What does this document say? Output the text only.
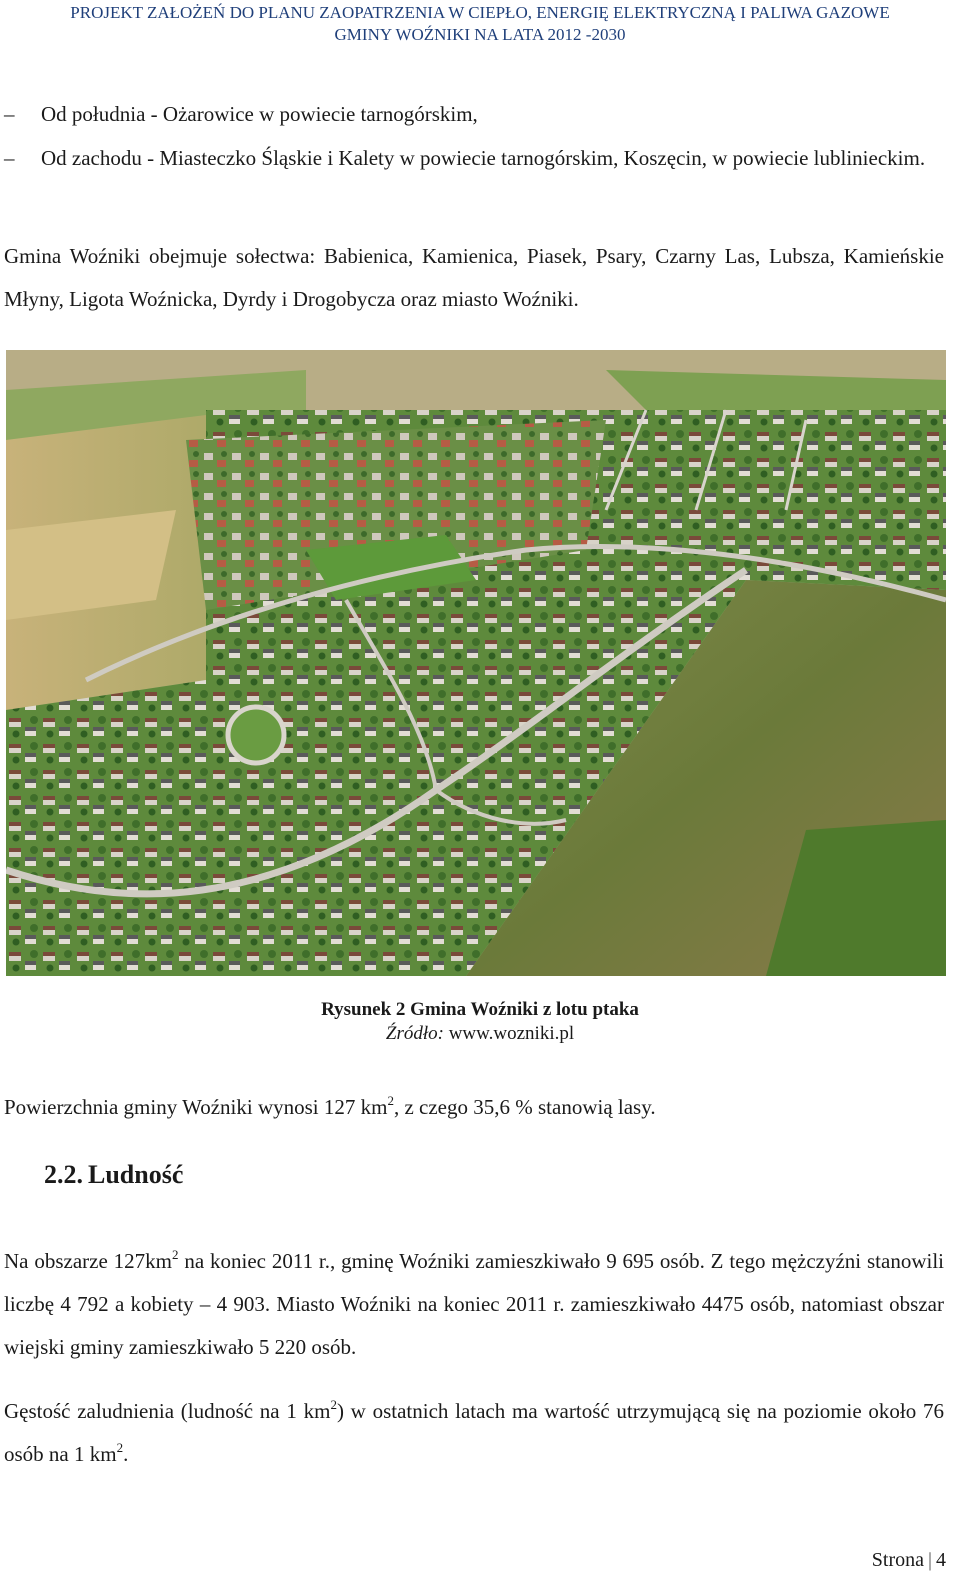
PROJEKT ZAŁOŻEŃ DO PLANU ZAOPATRZENIA W CIEPŁO, ENERGIĘ ELEKTRYCZNĄ I PALIWA GAZOWE
GMINY WOŹNIKI NA LATA 2012 -2030
– Od południa - Ożarowice w powiecie tarnogórskim,
– Od zachodu - Miasteczko Śląskie i Kalety w powiecie tarnogórskim, Koszęcin, w powiecie lublinieckim.
Gmina Woźniki obejmuje sołectwa: Babienica, Kamienica, Piasek, Psary, Czarny Las, Lubsza, Kamieńskie Młyny, Ligota Woźnicka, Dyrdy i Drogobycza oraz miasto Woźniki.
Rysunek 2 Gmina Woźniki z lotu ptaka
Źródło: www.wozniki.pl
Powierzchnia gminy Woźniki wynosi 127 $km^2$, z czego 35,6 % stanowią lasy.
2.2. Ludność
Na obszarze $127km^2$ na koniec 2011 r., gminę Woźniki zamieszkiwało 9 695 osób. Z tego mężczyźni stanowili liczbę 4 792 a kobiety – 4 903. Miasto Woźniki na koniec 2011 r. zamieszkiwało 4475 osób, natomiast obszar wiejski gminy zamieszkiwało 5 220 osób.
Gęstość zaludnienia (ludność na 1 $km^2$) w ostatnich latach ma wartość utrzymującą się na poziomie około 76 osób na 1 $km^2$.
Strona | 4
